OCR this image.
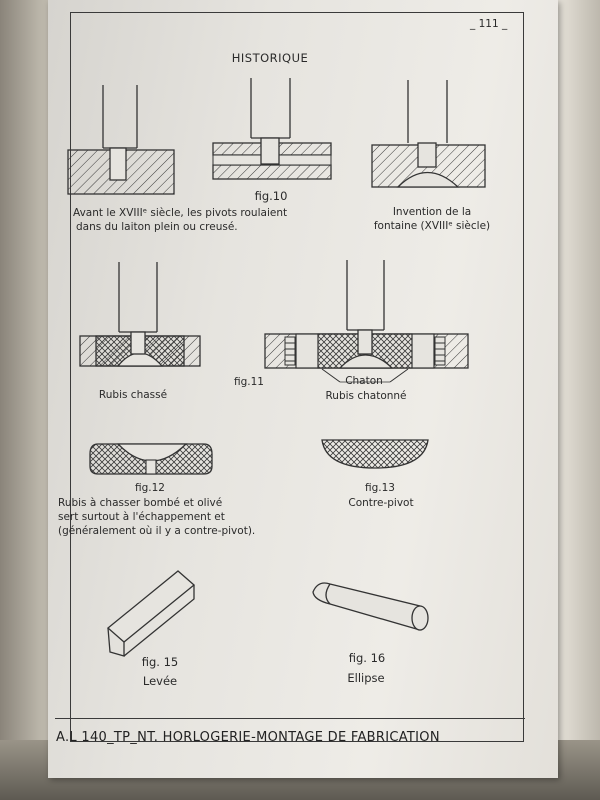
_ 111 _
HISTORIQUE
fig.10
Avant le XVIIIᵉ siècle, les pivots roulaient
dans du laiton plein ou creusé.
Invention de la
fontaine (XVIIIᵉ siècle)
Rubis chassé
fig.11	Chaton
Rubis chatonné
fig.12
Rubis à chasser bombé et olivé
sert surtout à l'échappement et
(généralement où il y a contre-pivot).
fig.13
Contre-pivot
fig. 15
Levée
fig. 16
Ellipse
A.L 140_TP_NT. HORLOGERIE-MONTAGE DE FABRICATION
